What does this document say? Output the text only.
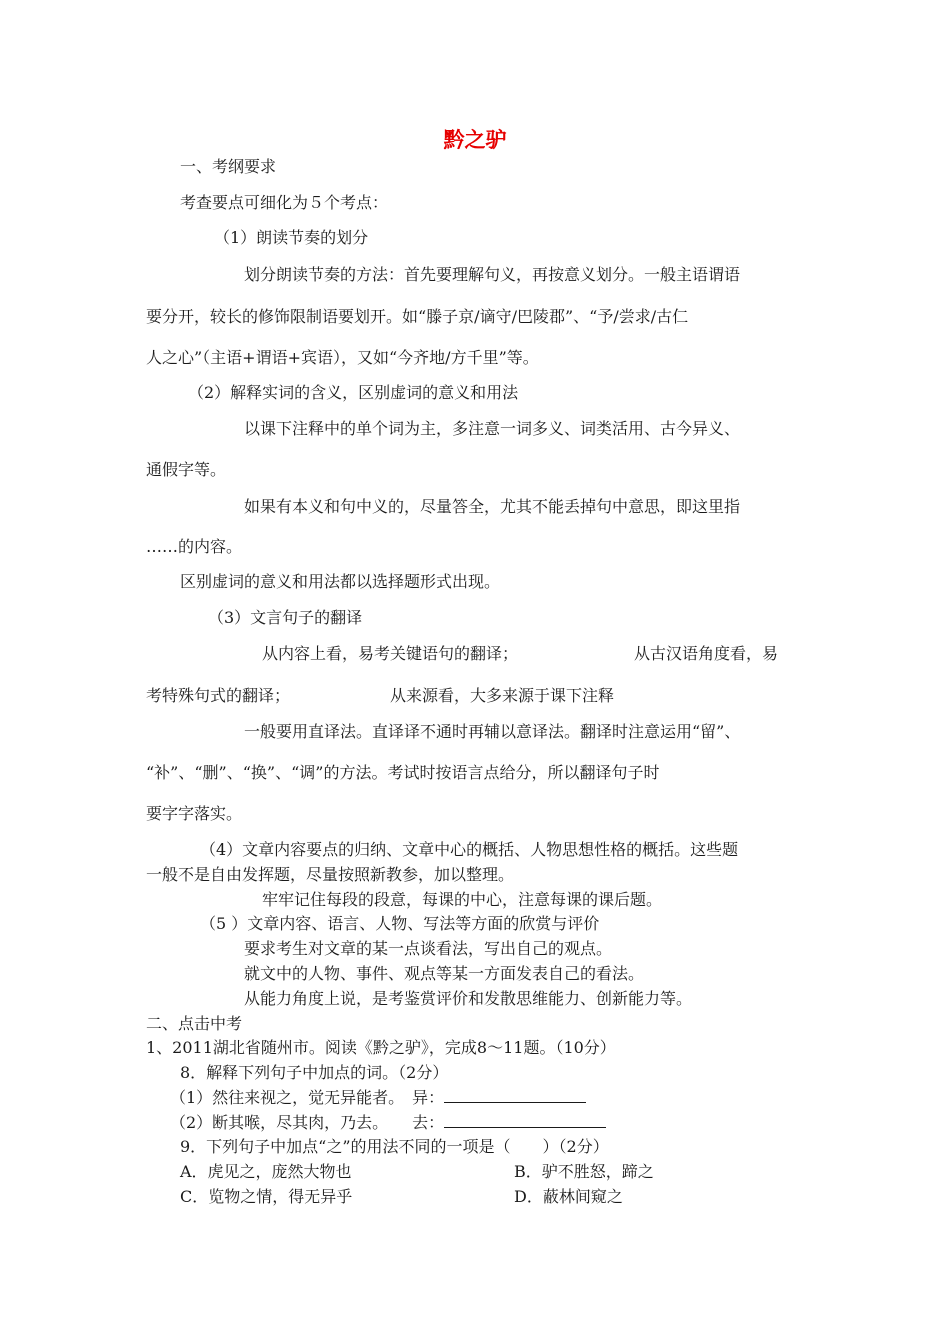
黔之驴
一、考纲要求
考查要点可细化为５个考点：
（1）朗读节奏的划分
划分朗读节奏的方法：首先要理解句义，再按意义划分。一般主语谓语
要分开，较长的修饰限制语要划开。如“滕子京/谪守/巴陵郡”、“予/尝求/古仁
人之心”（主语+谓语+宾语），又如“今齐地/方千里”等。
（2）解释实词的含义，区别虚词的意义和用法
以课下注释中的单个词为主，多注意一词多义、词类活用、古今异义、
通假字等。
如果有本义和句中义的，尽量答全，尤其不能丢掉句中意思，即这里指
……的内容。
区别虚词的意义和用法都以选择题形式出现。
（3）文言句子的翻译
从内容上看，易考关键语句的翻译；	从古汉语角度看，易
考特殊句式的翻译；	从来源看，大多来源于课下注释
一般要用直译法。直译译不通时再辅以意译法。翻译时注意运用“留”、
“补”、“删”、“换”、“调”的方法。考试时按语言点给分，所以翻译句子时
要字字落实。
（4）文章内容要点的归纳、文章中心的概括、人物思想性格的概括。这些题
一般不是自由发挥题，尽量按照新教参，加以整理。
牢牢记住每段的段意，每课的中心，注意每课的课后题。
（5 ）文章内容、语言、人物、写法等方面的欣赏与评价
要求考生对文章的某一点谈看法，写出自己的观点。
就文中的人物、事件、观点等某一方面发表自己的看法。
从能力角度上说，是考鉴赏评价和发散思维能力、创新能力等。
二、点击中考
1、2011湖北省随州市。阅读《黔之驴》，完成8～11题。（10分）
8．解释下列句子中加点的词。（2分）
（1）然往来视之，觉无异能者。　异：
（2）断其喉，尽其肉，乃去。　　去：
9．下列句子中加点“之”的用法不同的一项是（　　）（2分）
A．虎见之，庞然大物也	B．驴不胜怒，蹄之
C．览物之情，得无异乎	D．蔽林间窥之
